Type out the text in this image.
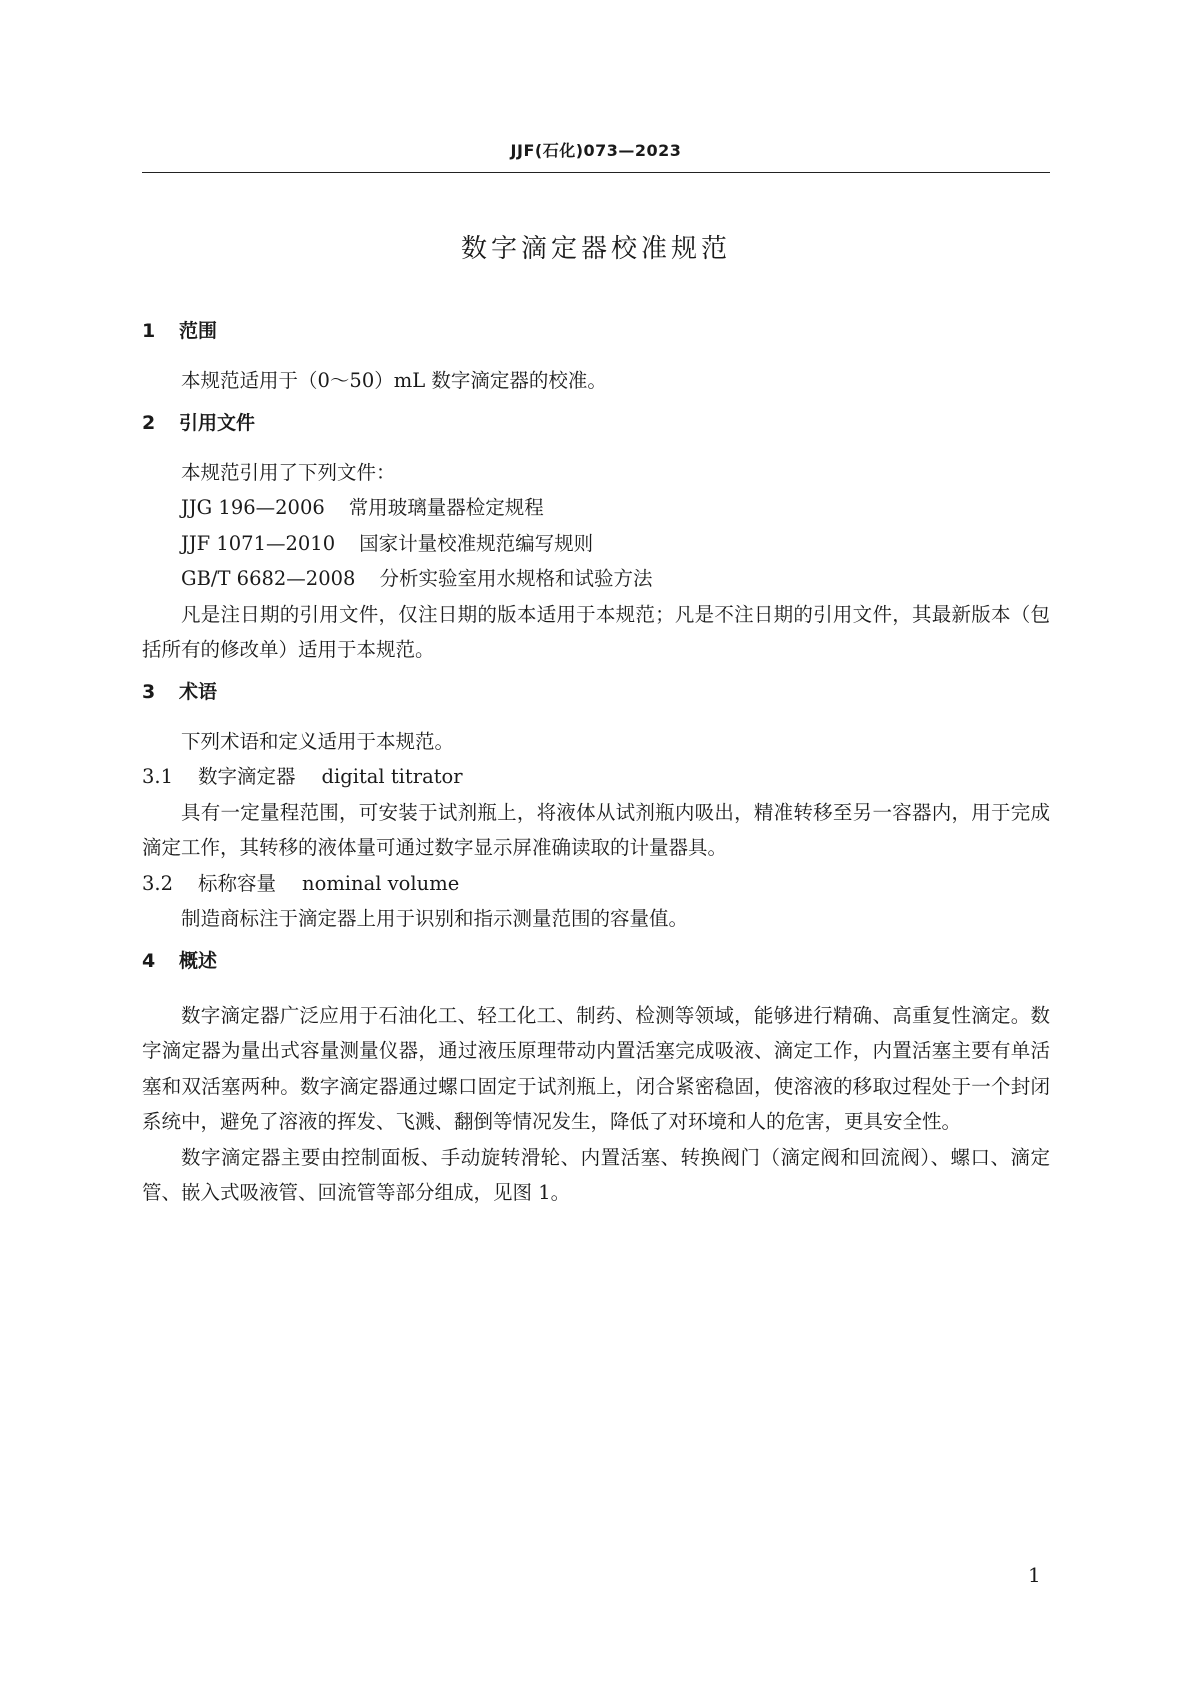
JJF(石化)073—2023
数字滴定器校准规范
1 范围

本规范适用于（0～50）mL 数字滴定器的校准。

2 引用文件

本规范引用了下列文件：

JJG 196—2006 常用玻璃量器检定规程

JJF 1071—2010 国家计量校准规范编写规则

GB/T 6682—2008 分析实验室用水规格和试验方法

凡是注日期的引用文件，仅注日期的版本适用于本规范；凡是不注日期的引用文件，其最新版本（包括所有的修改单）适用于本规范。

3 术语

下列术语和定义适用于本规范。

3.1 数字滴定器 digital titrator

具有一定量程范围，可安装于试剂瓶上，将液体从试剂瓶内吸出，精准转移至另一容器内，用于完成滴定工作，其转移的液体量可通过数字显示屏准确读取的计量器具。

3.2 标称容量 nominal volume

制造商标注于滴定器上用于识别和指示测量范围的容量值。

4 概述

数字滴定器广泛应用于石油化工、轻工化工、制药、检测等领域，能够进行精确、高重复性滴定。数字滴定器为量出式容量测量仪器，通过液压原理带动内置活塞完成吸液、滴定工作，内置活塞主要有单活塞和双活塞两种。数字滴定器通过螺口固定于试剂瓶上，闭合紧密稳固，使溶液的移取过程处于一个封闭系统中，避免了溶液的挥发、飞溅、翻倒等情况发生，降低了对环境和人的危害，更具安全性。

数字滴定器主要由控制面板、手动旋转滑轮、内置活塞、转换阀门（滴定阀和回流阀）、螺口、滴定管、嵌入式吸液管、回流管等部分组成，见图 1。

1
